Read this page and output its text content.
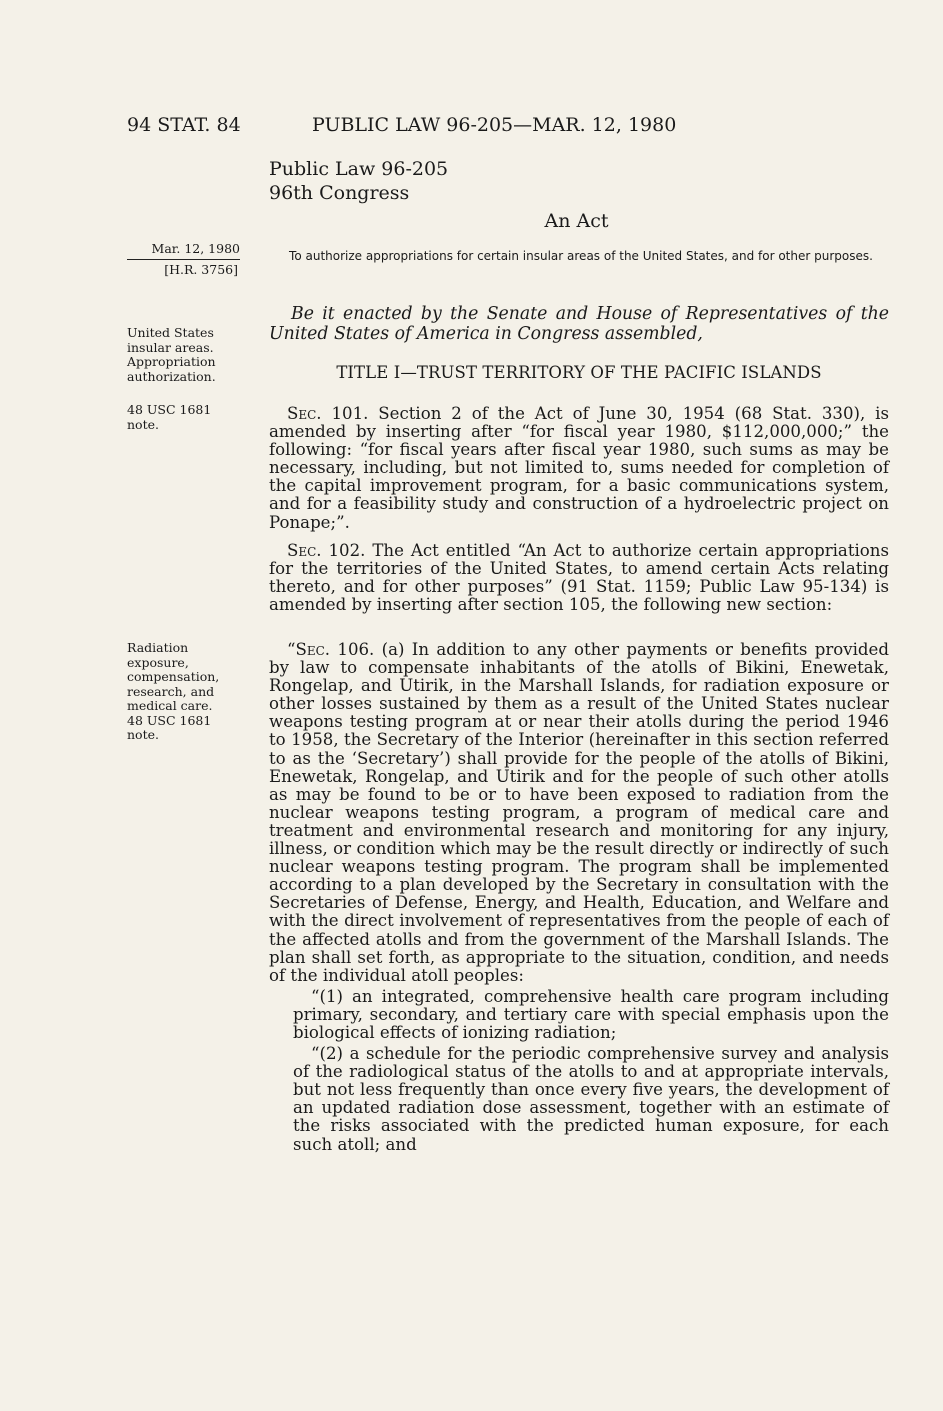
94 STAT. 84	PUBLIC LAW 96-205—MAR. 12, 1980
Public Law 96-205
96th Congress
An Act
Mar. 12, 1980
[H.R. 3756]
To authorize appropriations for certain insular areas of the United States, and for other purposes.
United States insular areas. Appropriation authorization.
48 USC 1681
note.
Radiation exposure, compensation, research, and medical care.
48 USC 1681
note.
Be it enacted by the Senate and House of Representatives of the United States of America in Congress assembled,
TITLE I—TRUST TERRITORY OF THE PACIFIC ISLANDS

Sec. 101. Section 2 of the Act of June 30, 1954 (68 Stat. 330), is amended by inserting after “for fiscal year 1980, $112,000,000;” the following: “for fiscal years after fiscal year 1980, such sums as may be necessary, including, but not limited to, sums needed for completion of the capital improvement program, for a basic communications system, and for a feasibility study and construction of a hydroelectric project on Ponape;”.

Sec. 102. The Act entitled “An Act to authorize certain appropriations for the territories of the United States, to amend certain Acts relating thereto, and for other purposes” (91 Stat. 1159; Public Law 95-134) is amended by inserting after section 105, the following new section:

“Sec. 106. (a) In addition to any other payments or benefits provided by law to compensate inhabitants of the atolls of Bikini, Enewetak, Rongelap, and Utirik, in the Marshall Islands, for radiation exposure or other losses sustained by them as a result of the United States nuclear weapons testing program at or near their atolls during the period 1946 to 1958, the Secretary of the Interior (hereinafter in this section referred to as the ‘Secretary’) shall provide for the people of the atolls of Bikini, Enewetak, Rongelap, and Utirik and for the people of such other atolls as may be found to be or to have been exposed to radiation from the nuclear weapons testing program, a program of medical care and treatment and environmental research and monitoring for any injury, illness, or condition which may be the result directly or indirectly of such nuclear weapons testing program. The program shall be implemented according to a plan developed by the Secretary in consultation with the Secretaries of Defense, Energy, and Health, Education, and Welfare and with the direct involvement of representatives from the people of each of the affected atolls and from the government of the Marshall Islands. The plan shall set forth, as appropriate to the situation, condition, and needs of the individual atoll peoples:

“(1) an integrated, comprehensive health care program including primary, secondary, and tertiary care with special emphasis upon the biological effects of ionizing radiation;

“(2) a schedule for the periodic comprehensive survey and analysis of the radiological status of the atolls to and at appropriate intervals, but not less frequently than once every five years, the development of an updated radiation dose assessment, together with an estimate of the risks associated with the predicted human exposure, for each such atoll; and
